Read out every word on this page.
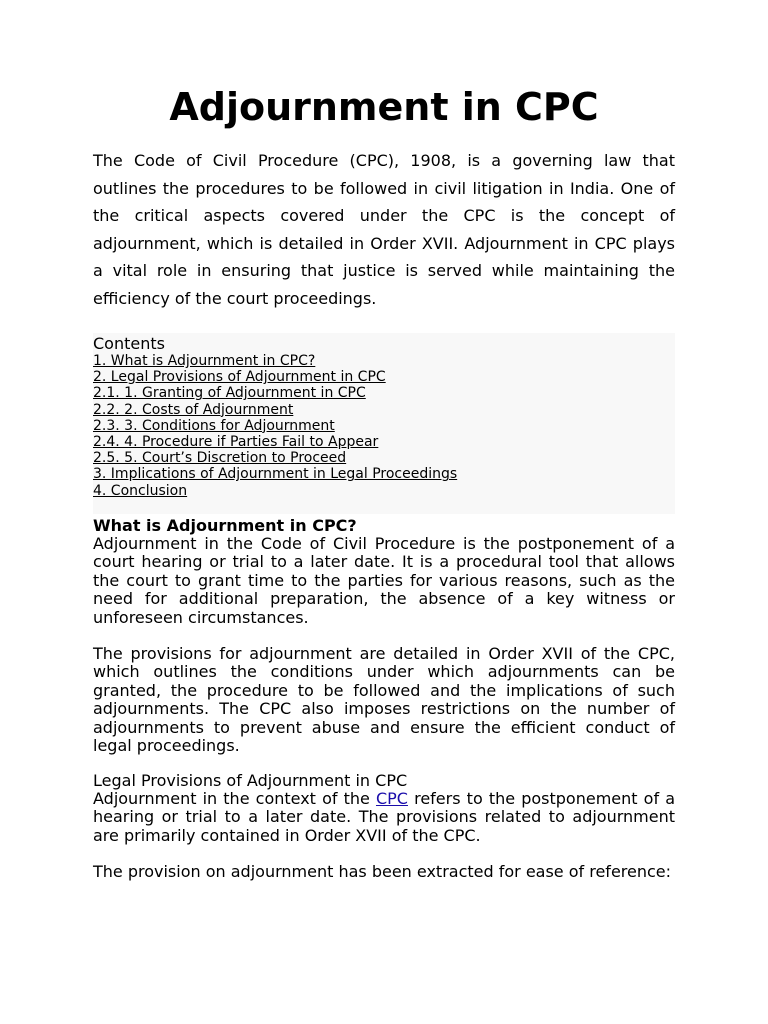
Adjournment in CPC

The Code of Civil Procedure (CPC), 1908, is a governing law that outlines the procedures to be followed in civil litigation in India. One of the critical aspects covered under the CPC is the concept of adjournment, which is detailed in Order XVII. Adjournment in CPC plays a vital role in ensuring that justice is served while maintaining the efficiency of the court proceedings.

Contents

1. What is Adjournment in CPC?
2. Legal Provisions of Adjournment in CPC
2.1. 1. Granting of Adjournment in CPC
2.2. 2. Costs of Adjournment
2.3. 3. Conditions for Adjournment
2.4. 4. Procedure if Parties Fail to Appear
2.5. 5. Court’s Discretion to Proceed
3. Implications of Adjournment in Legal Proceedings
4. Conclusion

What is Adjournment in CPC?

Adjournment in the Code of Civil Procedure is the postponement of a court hearing or trial to a later date. It is a procedural tool that allows the court to grant time to the parties for various reasons, such as the need for additional preparation, the absence of a key witness or unforeseen circumstances.

The provisions for adjournment are detailed in Order XVII of the CPC, which outlines the conditions under which adjournments can be granted, the procedure to be followed and the implications of such adjournments. The CPC also imposes restrictions on the number of adjournments to prevent abuse and ensure the efficient conduct of legal proceedings.

Legal Provisions of Adjournment in CPC

Adjournment in the context of the CPC refers to the postponement of a hearing or trial to a later date. The provisions related to adjournment are primarily contained in Order XVII of the CPC.

The provision on adjournment has been extracted for ease of reference:
